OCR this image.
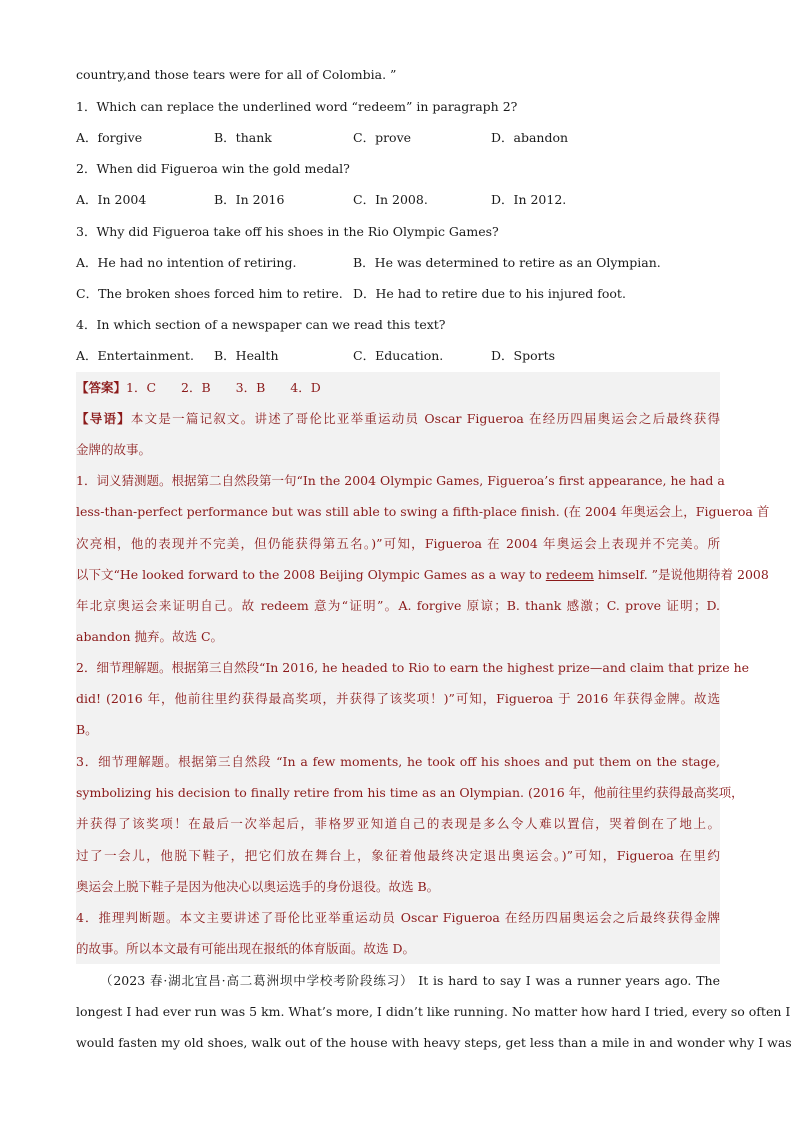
country,and those tears were for all of Colombia. ”
1．Which can replace the underlined word “redeem” in paragraph 2?
A．forgive	B．thank	C．prove	D．abandon
2．When did Figueroa win the gold medal?
A．In 2004	B．In 2016	C．In 2008.	D．In 2012.
3．Why did Figueroa take off his shoes in the Rio Olympic Games?
A．He had no intention of retiring.	B．He was determined to retire as an Olympian.
C．The broken shoes forced him to retire. D．He had to retire due to his injured foot.
4．In which section of a newspaper can we read this text?
A．Entertainment. B．Health	C．Education.	D．Sports
【答案】1．C　　2．B　　3．B　　4．D
【导语】本文是一篇记叙文。讲述了哥伦比亚举重运动员 Oscar Figueroa 在经历四届奥运会之后最终获得
金牌的故事。
1．词义猜测题。根据第二自然段第一句“In the 2004 Olympic Games, Figueroa’s first appearance, he had a
less-than-perfect performance but was still able to swing a fifth-place finish. (在 2004 年奥运会上，Figueroa 首
次亮相，他的表现并不完美，但仍能获得第五名。)”可知，Figueroa 在 2004 年奥运会上表现并不完美。所
以下文“He looked forward to the 2008 Beijing Olympic Games as a way to redeem himself. ”是说他期待着 2008
年北京奥运会来证明自己。故 redeem 意为“证明”。A. forgive 原谅；B. thank 感激；C. prove 证明；D.
abandon 抛弃。故选 C。
2．细节理解题。根据第三自然段“In 2016, he headed to Rio to earn the highest prize—and claim that prize he
did! (2016 年，他前往里约获得最高奖项，并获得了该奖项！)”可知，Figueroa 于 2016 年获得金牌。故选
B。
3．细节理解题。根据第三自然段 “In a few moments, he took off his shoes and put them on the stage,
symbolizing his decision to finally retire from his time as an Olympian. (2016 年，他前往里约获得最高奖项，
并获得了该奖项！在最后一次举起后，菲格罗亚知道自己的表现是多么令人难以置信，哭着倒在了地上。
过了一会儿，他脱下鞋子，把它们放在舞台上，象征着他最终决定退出奥运会。)”可知，Figueroa 在里约
奥运会上脱下鞋子是因为他决心以奥运选手的身份退役。故选 B。
4．推理判断题。本文主要讲述了哥伦比亚举重运动员 Oscar Figueroa 在经历四届奥运会之后最终获得金牌
的故事。所以本文最有可能出现在报纸的体育版面。故选 D。
（2023 春·湖北宜昌·高二葛洲坝中学校考阶段练习） It is hard to say I was a runner years ago. The
longest I had ever run was 5 km. What’s more, I didn’t like running. No matter how hard I tried, every so often I
would fasten my old shoes, walk out of the house with heavy steps, get less than a mile in and wonder why I was
